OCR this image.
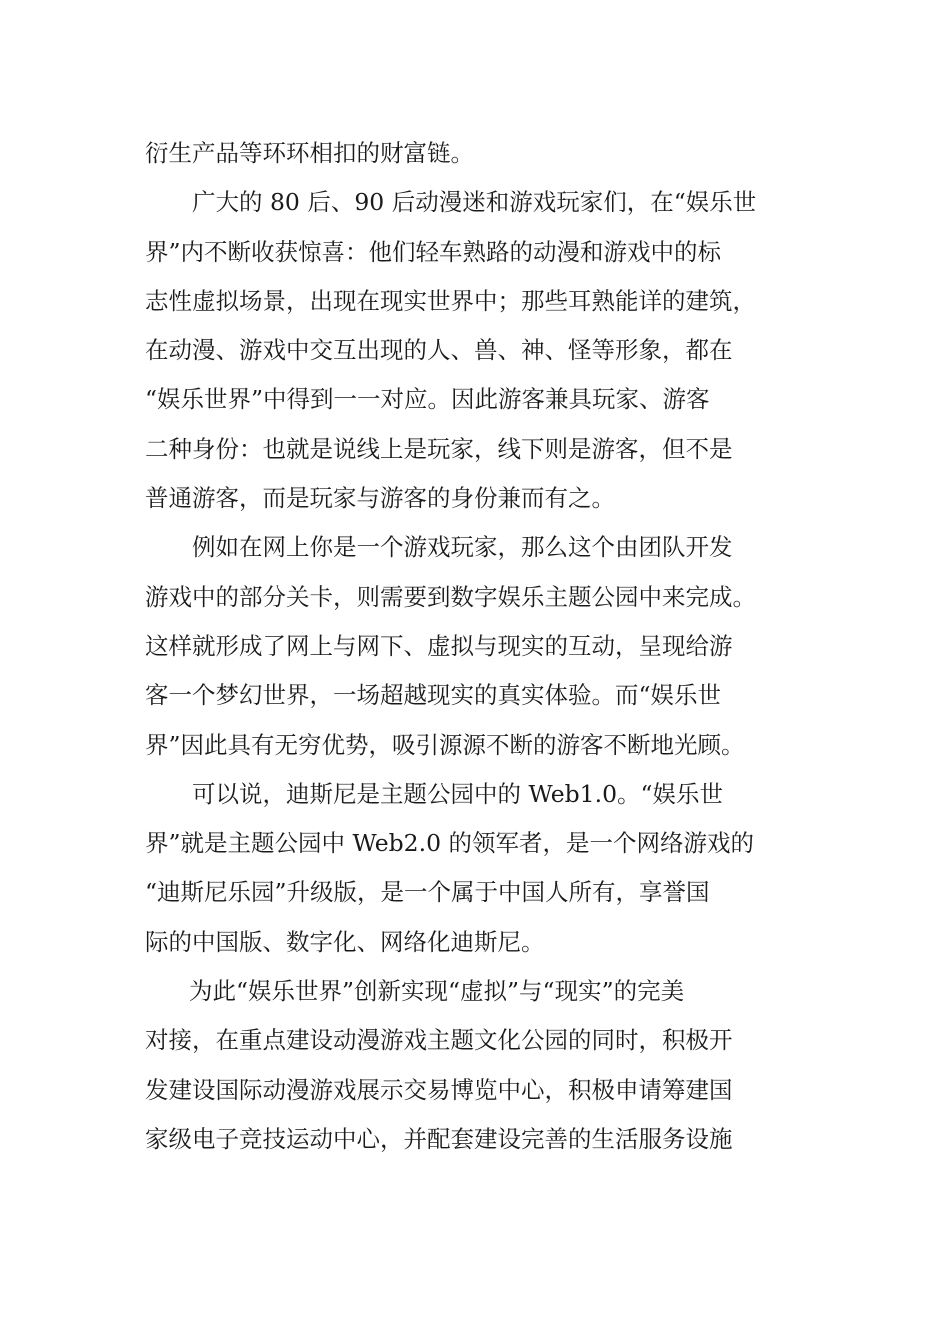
衍生产品等环环相扣的财富链。
广大的 80 后、90 后动漫迷和游戏玩家们，在“娱乐世
界”内不断收获惊喜：他们轻车熟路的动漫和游戏中的标
志性虚拟场景，出现在现实世界中；那些耳熟能详的建筑，
在动漫、游戏中交互出现的人、兽、神、怪等形象，都在
“娱乐世界”中得到一一对应。因此游客兼具玩家、游客
二种身份：也就是说线上是玩家，线下则是游客，但不是
普通游客，而是玩家与游客的身份兼而有之。
例如在网上你是一个游戏玩家，那么这个由团队开发
游戏中的部分关卡，则需要到数字娱乐主题公园中来完成。
这样就形成了网上与网下、虚拟与现实的互动，呈现给游
客一个梦幻世界，一场超越现实的真实体验。而“娱乐世
界”因此具有无穷优势，吸引源源不断的游客不断地光顾。
可以说，迪斯尼是主题公园中的 Web1.0。“娱乐世
界”就是主题公园中 Web2.0 的领军者，是一个网络游戏的
“迪斯尼乐园”升级版，是一个属于中国人所有，享誉国
际的中国版、数字化、网络化迪斯尼。
为此“娱乐世界”创新实现“虚拟”与“现实”的完美
对接，在重点建设动漫游戏主题文化公园的同时，积极开
发建设国际动漫游戏展示交易博览中心，积极申请筹建国
家级电子竞技运动中心，并配套建设完善的生活服务设施
